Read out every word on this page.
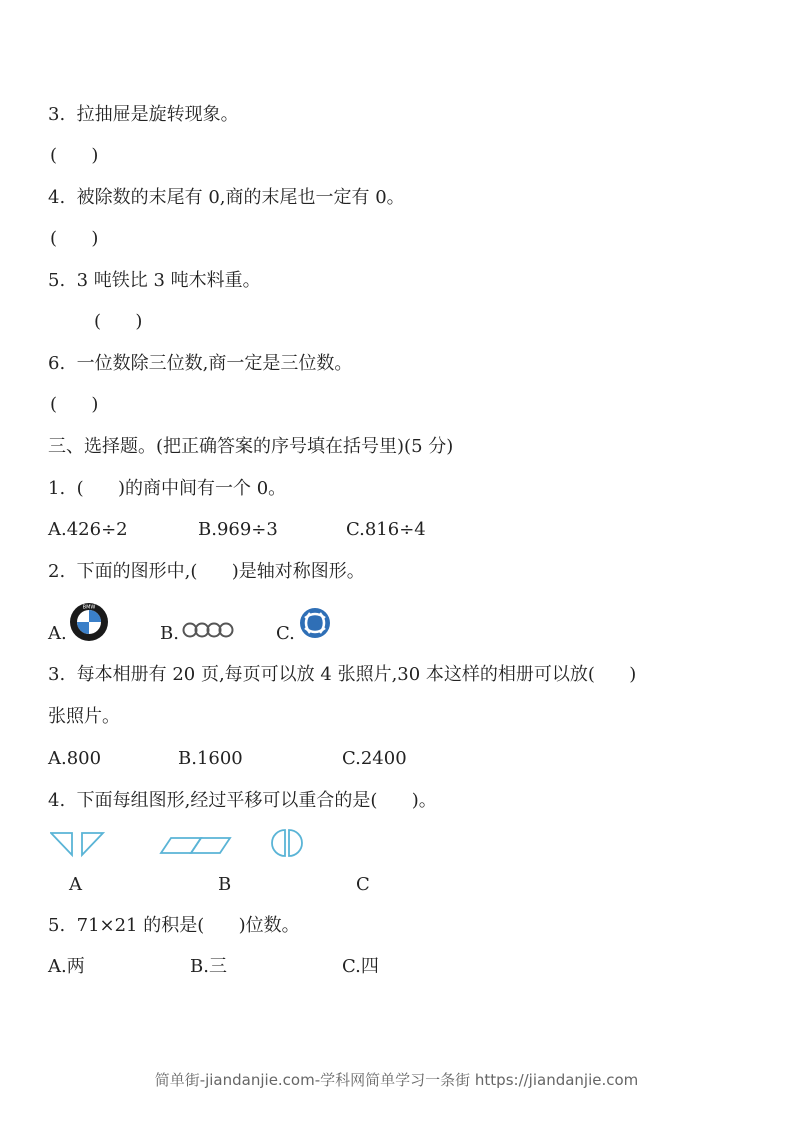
3.  拉抽屉是旋转现象。
(      )
4.  被除数的末尾有 0,商的末尾也一定有 0。
(      )
5.  3 吨铁比 3 吨木料重。
(      )
6.  一位数除三位数,商一定是三位数。
(      )
三、选择题。(把正确答案的序号填在括号里)(5 分)
1.  (      )的商中间有一个 0。
A.426÷2	B.969÷3	C.816÷4
2.  下面的图形中,(      )是轴对称图形。
A.
BMW
B.	C.
3.  每本相册有 20 页,每页可以放 4 张照片,30 本这样的相册可以放(      )
张照片。
A.800	B.1600	C.2400
4.  下面每组图形,经过平移可以重合的是(      )。
A	B	C
5.  71×21 的积是(      )位数。
A.两	B.三	C.四
简单街-jiandanjie.com-学科网简单学习一条街 https://jiandanjie.com
